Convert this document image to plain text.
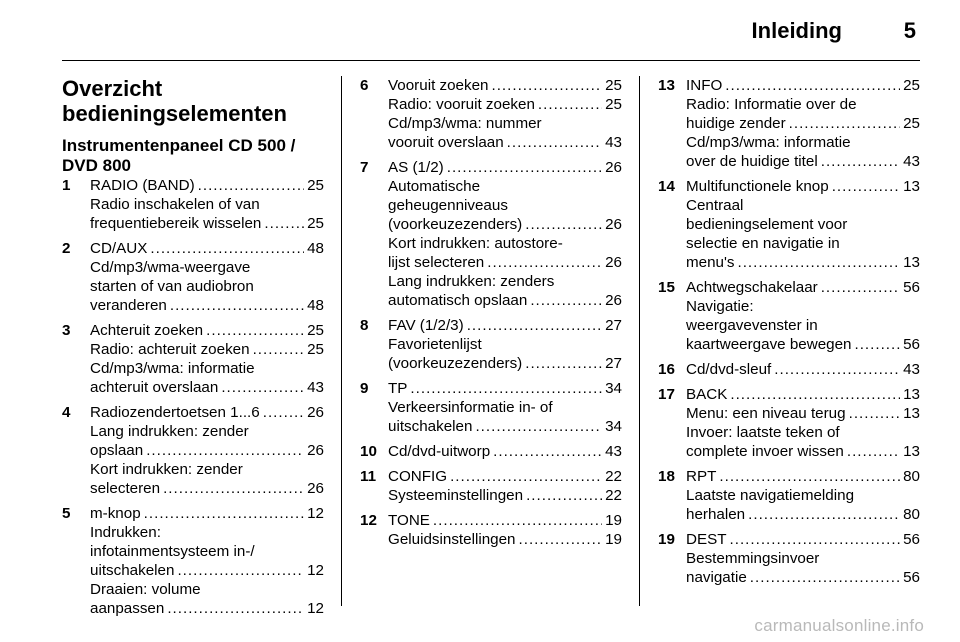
Inleiding	5
Overzicht
bedieningselementen
Instrumentenpaneel CD 500 /
DVD 800
1 RADIO (BAND) .....	25
Radio inschakelen of van
frequentiebereik wisselen .....	25
2 CD/AUX .....	48
Cd/mp3/wma-weergave
starten of van audiobron
veranderen .....	48
3 Achteruit zoeken .....	25
Radio: achteruit zoeken .....	25
Cd/mp3/wma: informatie
achteruit overslaan .....	43
4 Radiozendertoetsen 1...6 .....	26
Lang indrukken: zender
opslaan .....	26
Kort indrukken: zender
selecteren .....	26
5 m-knop .....	12
Indrukken:
infotainmentsysteem in-/
uitschakelen .....	12
Draaien: volume
aanpassen .....	12
6 Vooruit zoeken .....	25
Radio: vooruit zoeken .....	25
Cd/mp3/wma: nummer
vooruit overslaan .....	43
7 AS (1/2) .....	26
Automatische
geheugenniveaus
(voorkeuzezenders) .....	26
Kort indrukken: autostore-
lijst selecteren .....	26
Lang indrukken: zenders
automatisch opslaan .....	26
8 FAV (1/2/3) .....	27
Favorietenlijst
(voorkeuzezenders) .....	27
9 TP .....	34
Verkeersinformatie in- of
uitschakelen .....	34
10 Cd/dvd-uitworp .....	43
11 CONFIG .....	22
Systeeminstellingen .....	22
12 TONE .....	19
Geluidsinstellingen .....	19
13 INFO .....	25
Radio: Informatie over de
huidige zender .....	25
Cd/mp3/wma: informatie
over de huidige titel .....	43
14 Multifunctionele knop .....	13
Centraal
bedieningselement voor
selectie en navigatie in
menu's .....	13
15 Achtwegschakelaar .....	56
Navigatie:
weergavevenster in
kaartweergave bewegen .....	56
16 Cd/dvd-sleuf .....	43
17 BACK .....	13
Menu: een niveau terug .....	13
Invoer: laatste teken of
complete invoer wissen .....	13
18 RPT .....	80
Laatste navigatiemelding
herhalen .....	80
19 DEST .....	56
Bestemmingsinvoer
navigatie .....	56
carmanualsonline.info
